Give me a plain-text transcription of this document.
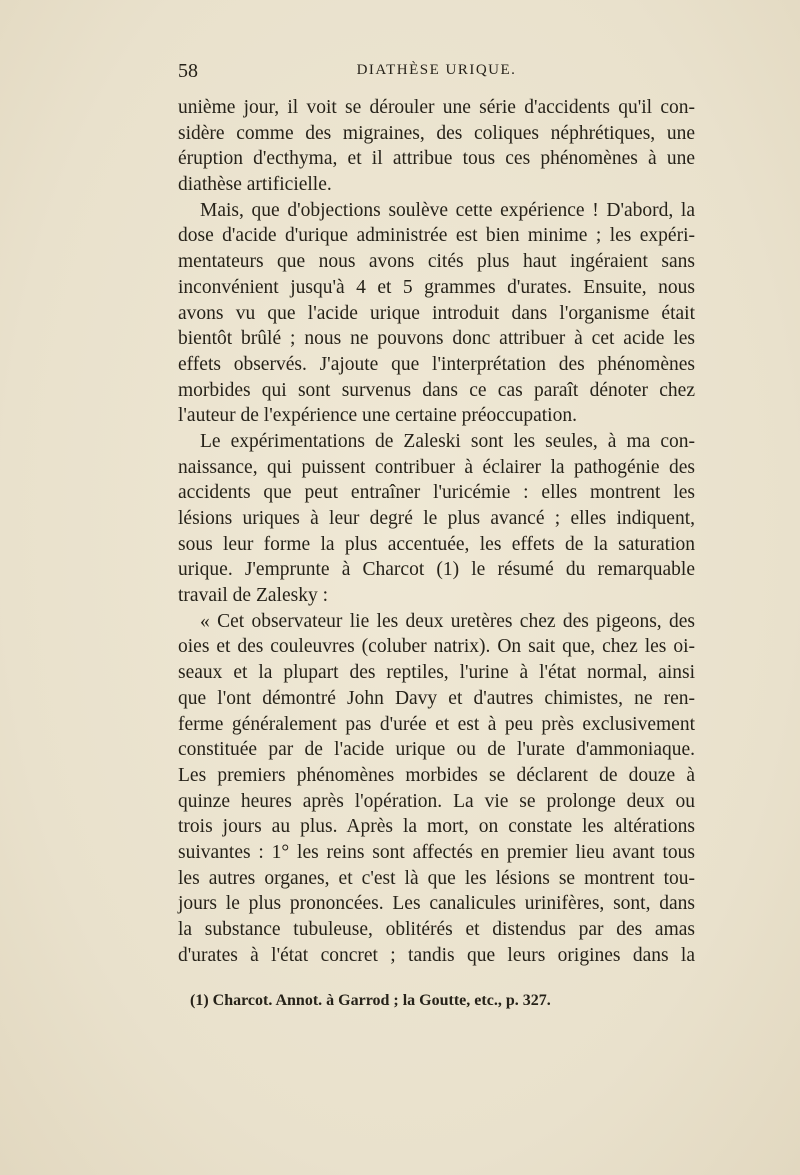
58	DIATHÈSE URIQUE.
unième jour, il voit se dérouler une série d'accidents qu'il con-
sidère comme des migraines, des coliques néphrétiques, une
éruption d'ecthyma, et il attribue tous ces phénomènes à une
diathèse artificielle.
Mais, que d'objections soulève cette expérience ! D'abord, la
dose d'acide d'urique administrée est bien minime ; les expéri-
mentateurs que nous avons cités plus haut ingéraient sans
inconvénient jusqu'à 4 et 5 grammes d'urates. Ensuite, nous
avons vu que l'acide urique introduit dans l'organisme était
bientôt brûlé ; nous ne pouvons donc attribuer à cet acide les
effets observés. J'ajoute que l'interprétation des phénomènes
morbides qui sont survenus dans ce cas paraît dénoter chez
l'auteur de l'expérience une certaine préoccupation.
Le expérimentations de Zaleski sont les seules, à ma con-
naissance, qui puissent contribuer à éclairer la pathogénie des
accidents que peut entraîner l'uricémie : elles montrent les
lésions uriques à leur degré le plus avancé ; elles indiquent,
sous leur forme la plus accentuée, les effets de la saturation
urique. J'emprunte à Charcot (1) le résumé du remarquable
travail de Zalesky :
« Cet observateur lie les deux uretères chez des pigeons, des
oies et des couleuvres (coluber natrix). On sait que, chez les oi-
seaux et la plupart des reptiles, l'urine à l'état normal, ainsi
que l'ont démontré John Davy et d'autres chimistes, ne ren-
ferme généralement pas d'urée et est à peu près exclusivement
constituée par de l'acide urique ou de l'urate d'ammoniaque.
Les premiers phénomènes morbides se déclarent de douze à
quinze heures après l'opération. La vie se prolonge deux ou
trois jours au plus. Après la mort, on constate les altérations
suivantes : 1° les reins sont affectés en premier lieu avant tous
les autres organes, et c'est là que les lésions se montrent tou-
jours le plus prononcées. Les canalicules urinifères, sont, dans
la substance tubuleuse, oblitérés et distendus par des amas
d'urates à l'état concret ; tandis que leurs origines dans la
(1) Charcot. Annot. à Garrod ; la Goutte, etc., p. 327.
